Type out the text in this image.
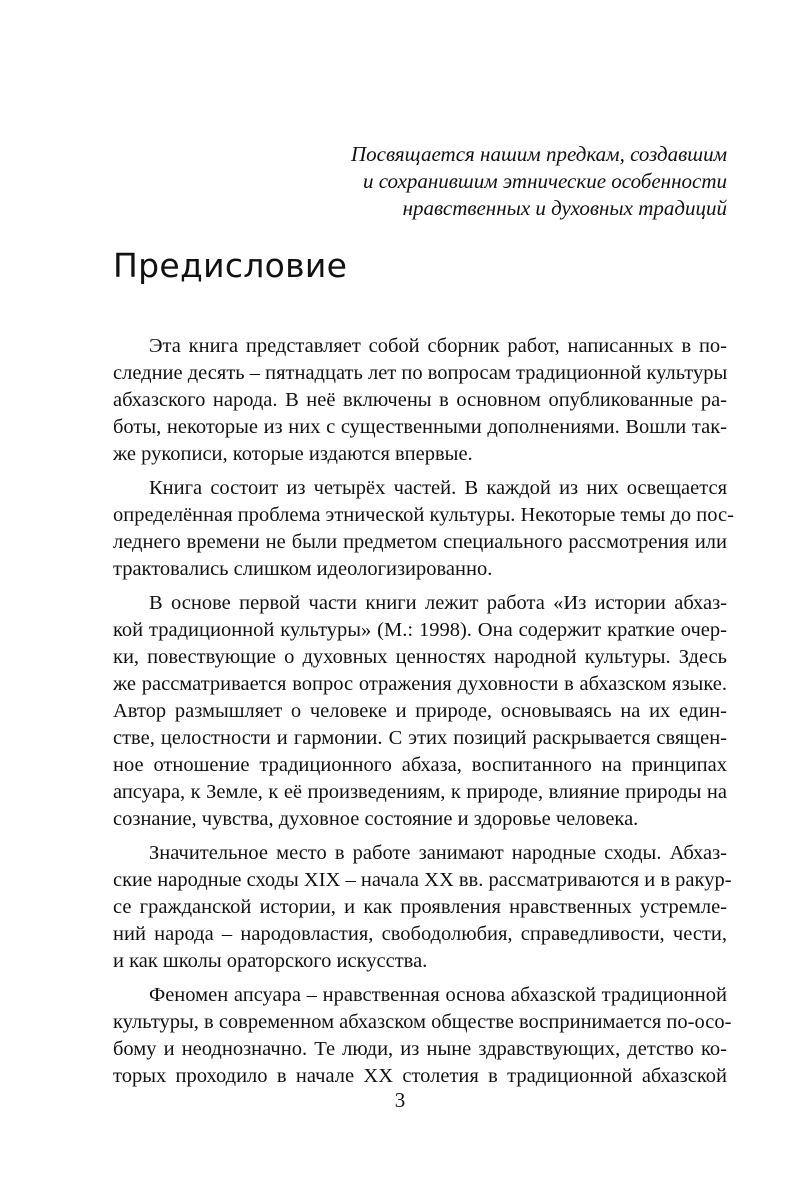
Посвящается нашим предкам, создавшим
и сохранившим этнические особенности
нравственных и духовных традиций
Предисловие
Эта книга представляет собой сборник работ, написанных в по-
следние десять – пятнадцать лет по вопросам традиционной культуры
абхазского народа. В неё включены в основном опубликованные ра-
боты, некоторые из них с существенными дополнениями. Вошли так-
же рукописи, которые издаются впервые.
Книга состоит из четырёх частей. В каждой из них освещается
определённая проблема этнической культуры. Некоторые темы до пос-
леднего времени не были предметом специального рассмотрения или
трактовались слишком идеологизированно.
В основе первой части книги лежит работа «Из истории абхаз-
кой традиционной культуры» (М.: 1998). Она содержит краткие очер-
ки, повествующие о духовных ценностях народной культуры. Здесь
же рассматривается вопрос отражения духовности в абхазском языке.
Автор размышляет о человеке и природе, основываясь на их един-
стве, целостности и гармонии. С этих позиций раскрывается священ-
ное отношение традиционного абхаза, воспитанного на принципах
апсуара, к Земле, к её произведениям, к природе, влияние природы на
сознание, чувства, духовное состояние и здоровье человека.
Значительное место в работе занимают народные сходы. Абхаз-
ские народные сходы XIX – начала XX вв. рассматриваются и в ракур-
се гражданской истории, и как проявления нравственных устремле-
ний народа – народовластия, свободолюбия, справедливости, чести,
и как школы ораторского искусства.
Феномен апсуара – нравственная основа абхазской традиционной
культуры, в современном абхазском обществе воспринимается по-осо-
бому и неоднозначно. Те люди, из ныне здравствующих, детство ко-
торых проходило в начале XX столетия в традиционной абхазской
3
